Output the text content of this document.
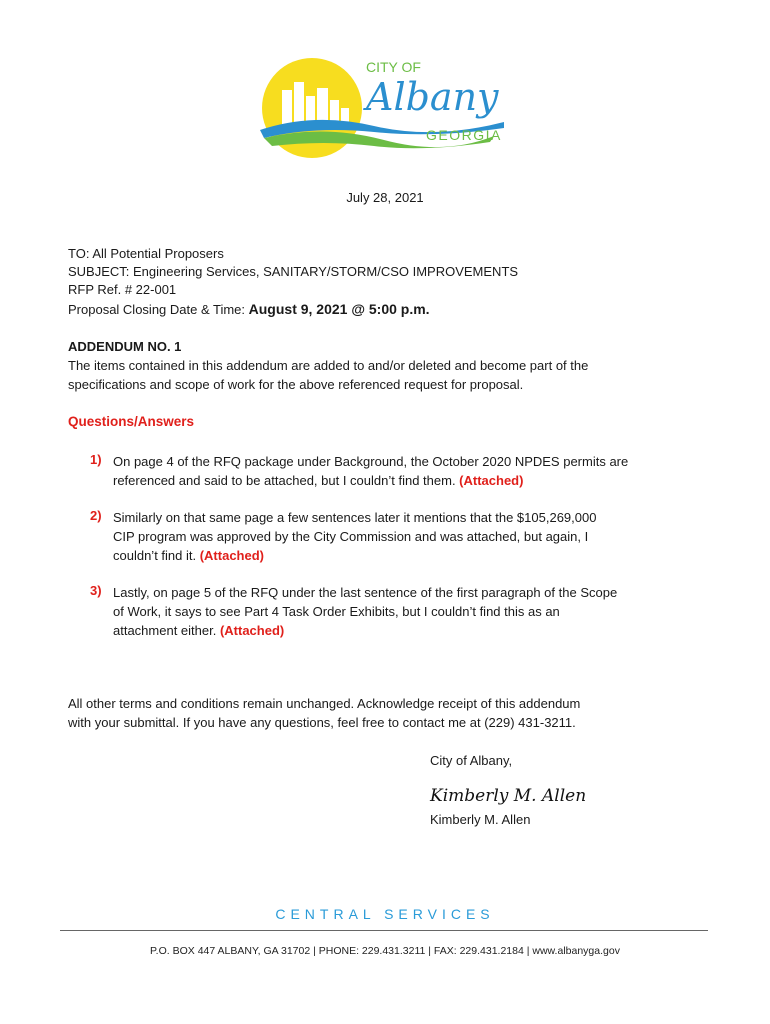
CITY OF
Albany
GEORGIA
July 28, 2021
TO: All Potential Proposers
SUBJECT: Engineering Services, SANITARY/STORM/CSO IMPROVEMENTS
RFP Ref. # 22-001
Proposal Closing Date & Time: August 9, 2021 @ 5:00 p.m.
ADDENDUM NO. 1
The items contained in this addendum are added to and/or deleted and become part of the
specifications and scope of work for the above referenced request for proposal.
Questions/Answers
1) On page 4 of the RFQ package under Background, the October 2020 NPDES permits are
referenced and said to be attached, but I couldn’t find them. (Attached)
2) Similarly on that same page a few sentences later it mentions that the $105,269,000
CIP program was approved by the City Commission and was attached, but again, I
couldn’t find it. (Attached)
3) Lastly, on page 5 of the RFQ under the last sentence of the first paragraph of the Scope
of Work, it says to see Part 4 Task Order Exhibits, but I couldn’t find this as an
attachment either. (Attached)
All other terms and conditions remain unchanged. Acknowledge receipt of this addendum
with your submittal. If you have any questions, feel free to contact me at (229) 431-3211.
City of Albany,
Kimberly M. Allen
Kimberly M. Allen
CENTRAL SERVICES
P.O. BOX 447 ALBANY, GA 31702 | PHONE: 229.431.3211 | FAX: 229.431.2184 | www.albanyga.gov
